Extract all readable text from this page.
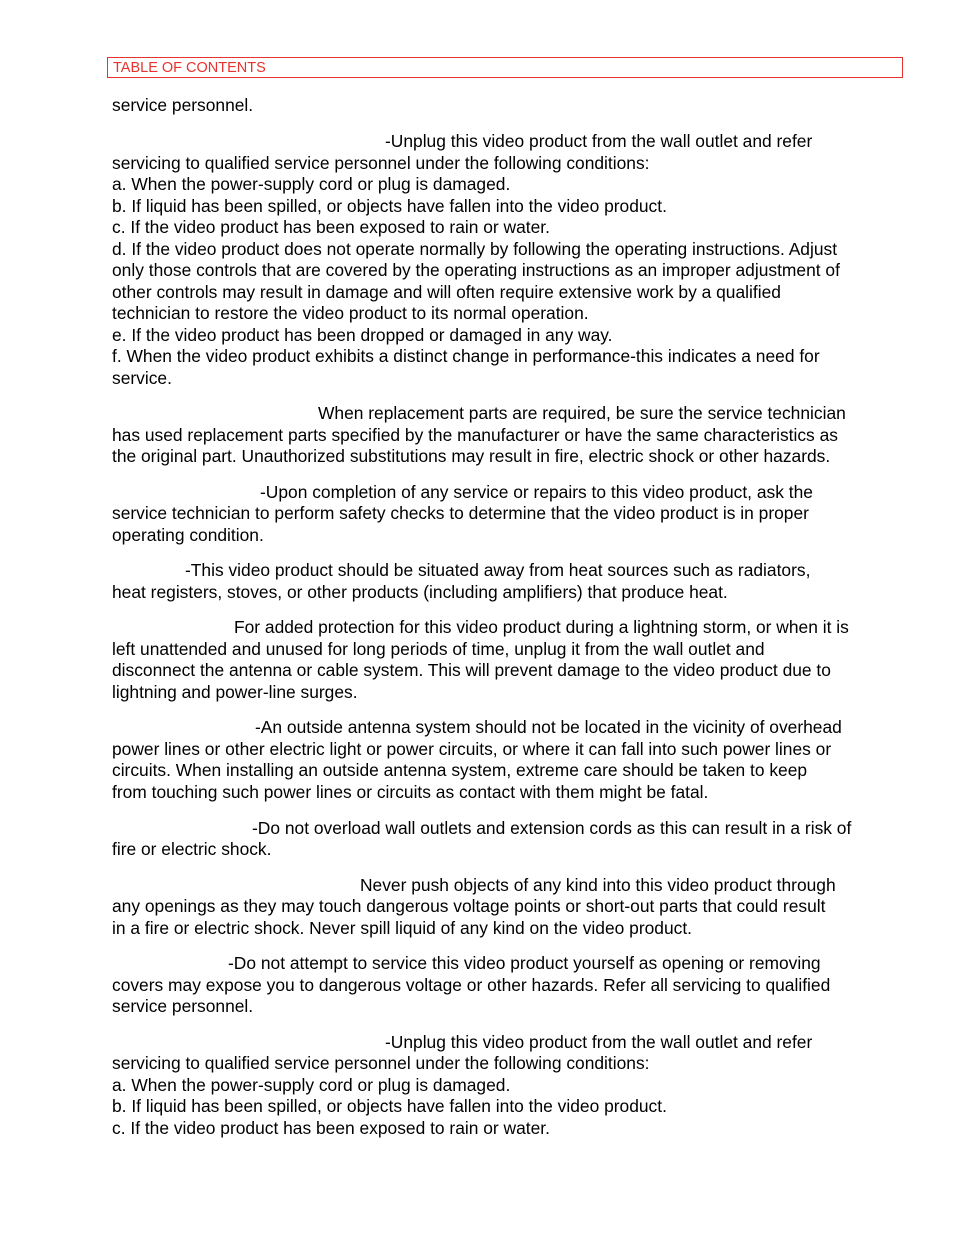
TABLE OF CONTENTS
service personnel.
-Unplug this video product from the wall outlet and refer
servicing to qualified service personnel under the following conditions:
a. When the power-supply cord or plug is damaged.
b. If liquid has been spilled, or objects have fallen into the video product.
c. If the video product has been exposed to rain or water.
d. If the video product does not operate normally by following the operating instructions. Adjust
only those controls that are covered by the operating instructions as an improper adjustment of
other controls may result in damage and will often require extensive work by a qualified
technician to restore the video product to its normal operation.
e. If the video product has been dropped or damaged in any way.
f. When the video product exhibits a distinct change in performance-this indicates a need for
service.
When replacement parts are required, be sure the service technician
has used replacement parts specified by the manufacturer or have the same characteristics as
the original part. Unauthorized substitutions may result in fire, electric shock or other hazards.
-Upon completion of any service or repairs to this video product, ask the
service technician to perform safety checks to determine that the video product is in proper
operating condition.
-This video product should be situated away from heat sources such as radiators,
heat registers, stoves, or other products (including amplifiers) that produce heat.
For added protection for this video product during a lightning storm, or when it is
left unattended and unused for long periods of time, unplug it from the wall outlet and
disconnect the antenna or cable system. This will prevent damage to the video product due to
lightning and power-line surges.
-An outside antenna system should not be located in the vicinity of overhead
power lines or other electric light or power circuits, or where it can fall into such power lines or
circuits. When installing an outside antenna system, extreme care should be taken to keep
from touching such power lines or circuits as contact with them might be fatal.
-Do not overload wall outlets and extension cords as this can result in a risk of
fire or electric shock.
Never push objects of any kind into this video product through
any openings as they may touch dangerous voltage points or short-out parts that could result
in a fire or electric shock. Never spill liquid of any kind on the video product.
-Do not attempt to service this video product yourself as opening or removing
covers may expose you to dangerous voltage or other hazards. Refer all servicing to qualified
service personnel.
-Unplug this video product from the wall outlet and refer
servicing to qualified service personnel under the following conditions:
a. When the power-supply cord or plug is damaged.
b. If liquid has been spilled, or objects have fallen into the video product.
c. If the video product has been exposed to rain or water.
